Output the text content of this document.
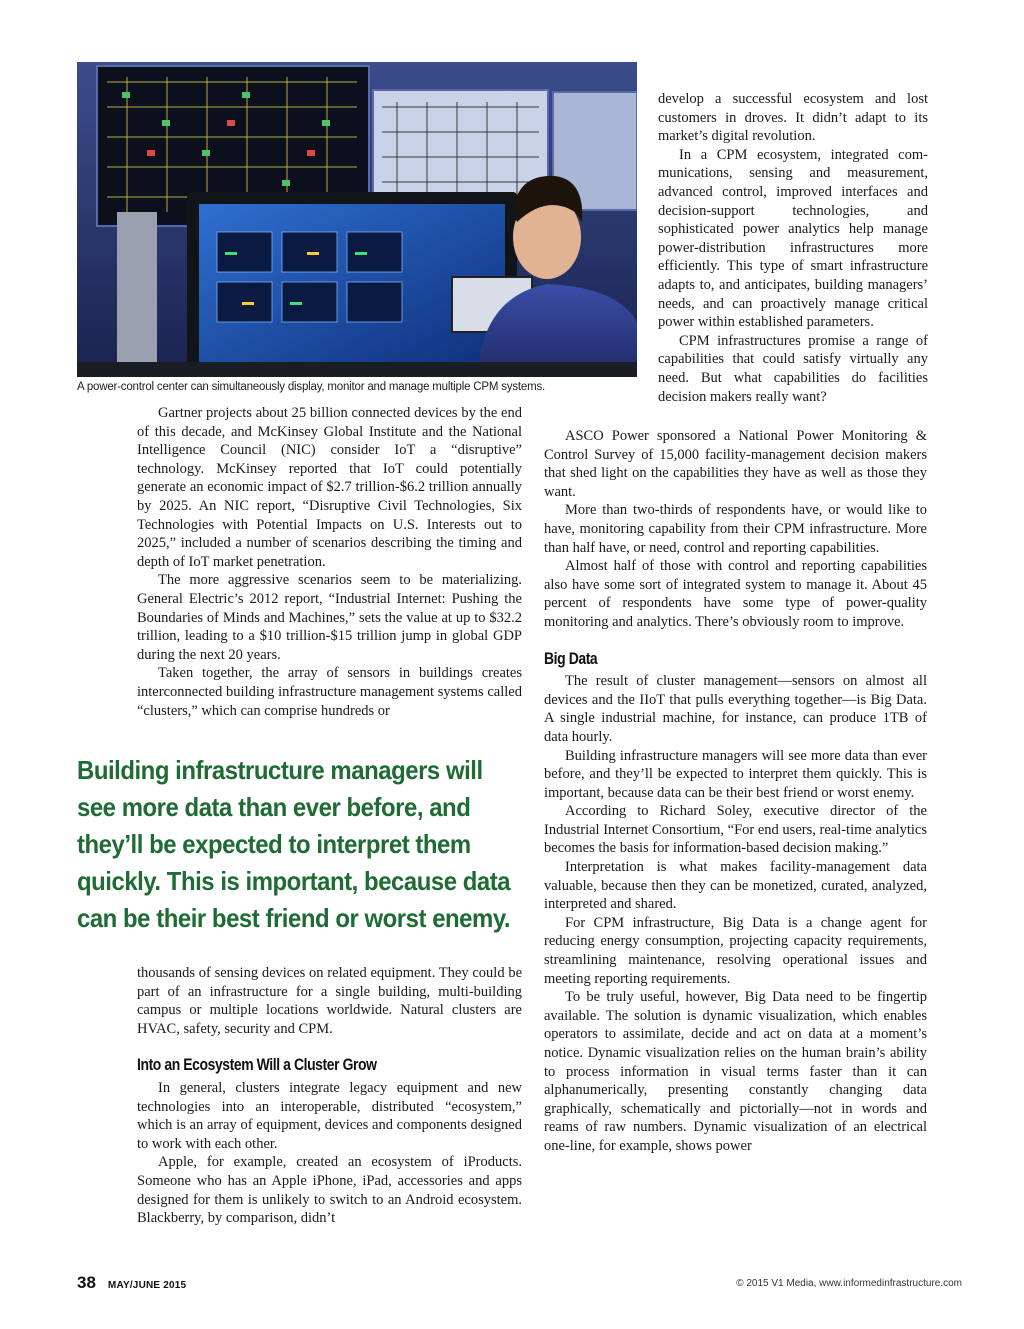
A power-control center can simultaneously display, monitor and manage multiple CPM systems.

Gartner projects about 25 billion connected devices by the end of this decade, and McKinsey Global Institute and the National Intelligence Council (NIC) consider IoT a “disruptive” technology. McKinsey reported that IoT could potentially generate an economic impact of $2.7 trillion-$6.2 trillion annually by 2025. An NIC report, “Disruptive Civil Technologies, Six Technologies with Potential Impacts on U.S. Interests out to 2025,” included a number of scenarios describing the timing and depth of IoT market penetration.

The more aggressive scenarios seem to be materializing. General Electric’s 2012 report, “Industrial Internet: Pushing the Boundaries of Minds and Machines,” sets the value at up to $32.2 trillion, leading to a $10 trillion-$15 trillion jump in global GDP during the next 20 years.

Taken together, the array of sensors in buildings creates interconnected building infrastructure management systems called “clusters,” which can comprise hundreds or

Building infrastructure managers will see more data than ever before, and they’ll be expected to interpret them quickly. This is important, because data can be their best friend or worst enemy.

thousands of sensing devices on related equipment. They could be part of an infrastructure for a single building, multi-building campus or multiple locations worldwide. Natural clusters are HVAC, safety, security and CPM.

Into an Ecosystem Will a Cluster Grow

In general, clusters integrate legacy equipment and new technologies into an interoperable, distributed “ecosystem,” which is an array of equipment, devices and components designed to work with each other.

Apple, for example, created an ecosystem of iProducts. Someone who has an Apple iPhone, iPad, accessories and apps designed for them is unlikely to switch to an Android ecosystem. Blackberry, by comparison, didn’t

develop a successful ecosystem and lost customers in droves. It didn’t adapt to its market’s digital revolution.

In a CPM ecosystem, integrated communications, sensing and measurement, advanced control, improved interfaces and decision-support technologies, and sophisticated power analytics help manage power-distribution infrastructures more efficiently. This type of smart infrastructure adapts to, and anticipates, building managers’ needs, and can proactively manage critical power within established parameters.

CPM infrastructures promise a range of capabilities that could satisfy virtually any need. But what capabilities do facilities decision makers really want?

ASCO Power sponsored a National Power Monitoring & Control Survey of 15,000 facility-management decision makers that shed light on the capabilities they have as well as those they want.

More than two-thirds of respondents have, or would like to have, monitoring capability from their CPM infrastructure. More than half have, or need, control and reporting capabilities.

Almost half of those with control and reporting capabilities also have some sort of integrated system to manage it. About 45 percent of respondents have some type of power-quality monitoring and analytics. There’s obviously room to improve.

Big Data

The result of cluster management—sensors on almost all devices and the IIoT that pulls everything together—is Big Data. A single industrial machine, for instance, can produce 1TB of data hourly.

Building infrastructure managers will see more data than ever before, and they’ll be expected to interpret them quickly. This is important, because data can be their best friend or worst enemy.

According to Richard Soley, executive director of the Industrial Internet Consortium, “For end users, real-time analytics becomes the basis for information-based decision making.”

Interpretation is what makes facility-management data valuable, because then they can be monetized, curated, analyzed, interpreted and shared.

For CPM infrastructure, Big Data is a change agent for reducing energy consumption, projecting capacity requirements, streamlining maintenance, resolving operational issues and meeting reporting requirements.

To be truly useful, however, Big Data need to be fingertip available. The solution is dynamic visualization, which enables operators to assimilate, decide and act on data at a moment’s notice. Dynamic visualization relies on the human brain’s ability to process information in visual terms faster than it can alphanumerically, presenting constantly changing data graphically, schematically and pictorially—not in words and reams of raw numbers. Dynamic visualization of an electrical one-line, for example, shows power

38 MAY/JUNE 2015	© 2015 V1 Media, www.informedinfrastructure.com
